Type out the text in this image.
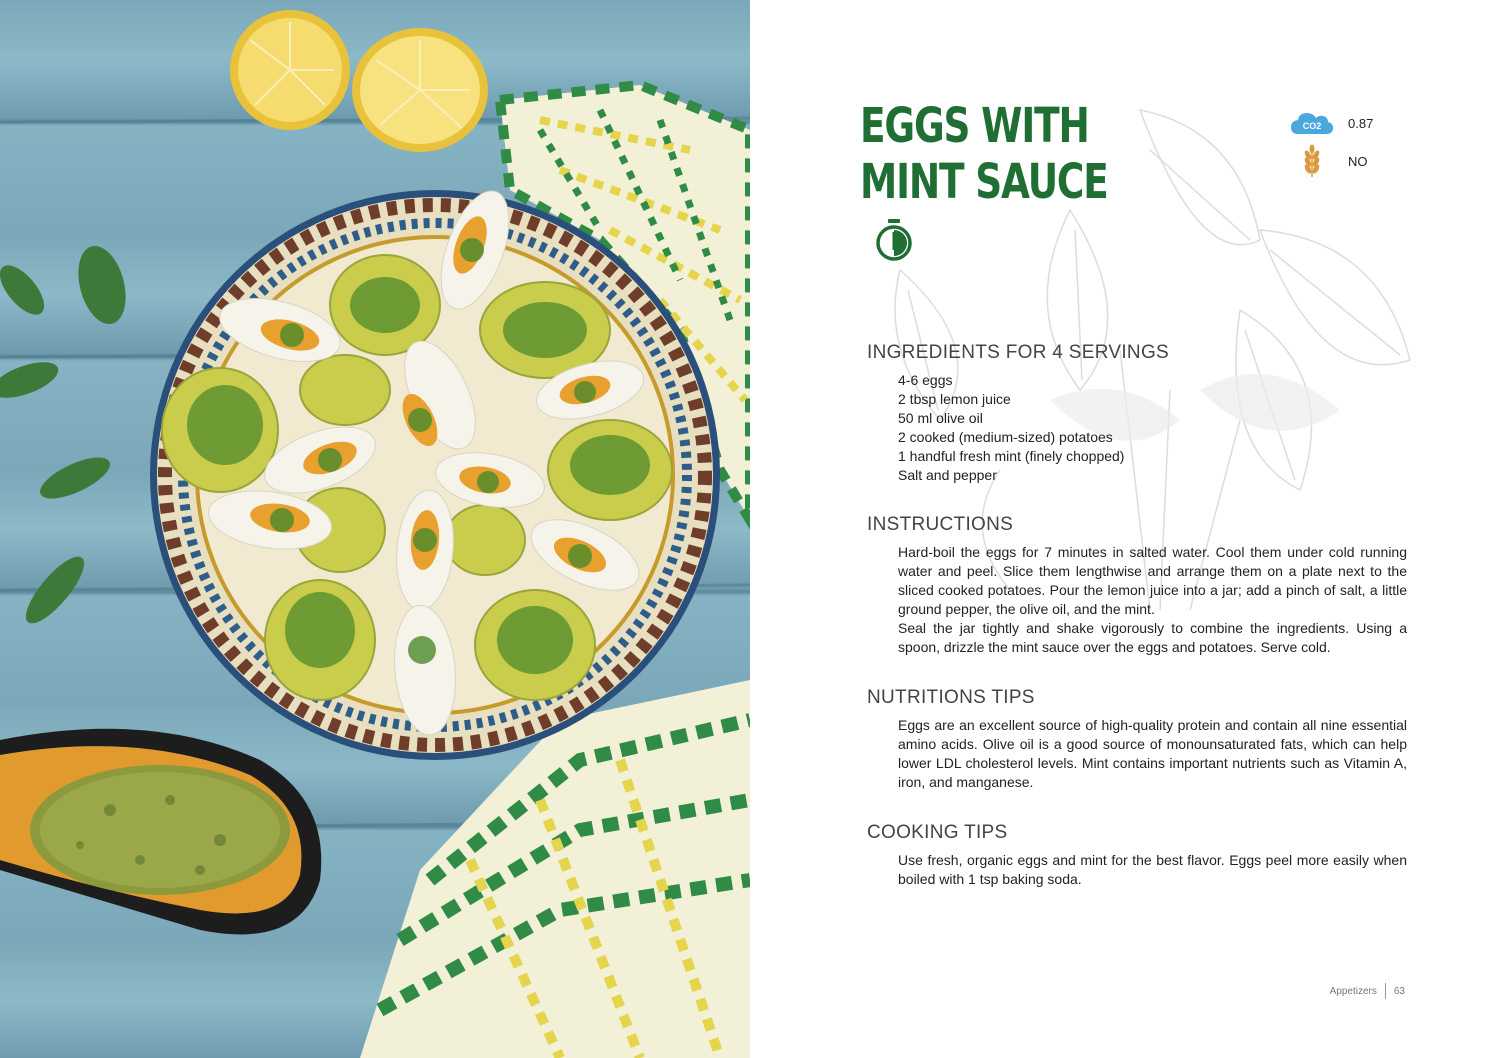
EGGS WITH
MINT SAUCE
CO2 0.87
NO
INGREDIENTS FOR 4 SERVINGS
4-6 eggs
2 tbsp lemon juice
50 ml olive oil
2 cooked (medium-sized) potatoes
1 handful fresh mint (finely chopped)
Salt and pepper
INSTRUCTIONS

Hard-boil the eggs for 7 minutes in salted water. Cool them under cold running water and peel. Slice them lengthwise and arrange them on a plate next to the sliced cooked potatoes. Pour the lemon juice into a jar; add a pinch of salt, a little ground pepper, the olive oil, and the mint.

Seal the jar tightly and shake vigorously to combine the ingredients. Using a spoon, drizzle the mint sauce over the eggs and potatoes. Serve cold.

NUTRITIONS TIPS

Eggs are an excellent source of high-quality protein and contain all nine essential amino acids. Olive oil is a good source of monounsaturated fats, which can help lower LDL cholesterol levels. Mint contains important nutrients such as Vitamin A, iron, and manganese.

COOKING TIPS

Use fresh, organic eggs and mint for the best flavor. Eggs peel more easily when boiled with 1 tsp baking soda.

Appetizers 63
